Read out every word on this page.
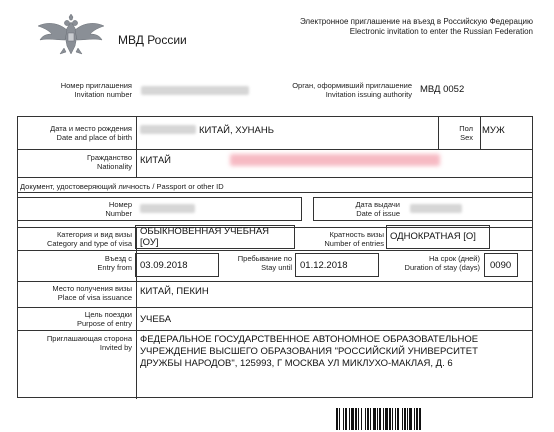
МВД России
Электронное приглашение на въезд в Российскую Федерацию
Electronic invitation to enter the Russian Federation
Номер приглашения
Invitation number
Орган, оформивший приглашение
Invitation issuing authority МВД 0052
Дата и место рождения
Date and place of birth
КИТАЙ, ХУНАНЬ	Пол
Sex
МУЖ
Гражданство
Nationality
КИТАЙ
Документ, удостоверяющий личность / Passport or other ID
Номер
Number
Дата выдачи
Date of issue
Категория и вид визы
Category and type of visa
ОБЫКНОВЕННАЯ УЧЕБНАЯ
[ОУ]
Кратность визы
Number of entries
ОДНОКРАТНАЯ [О]
Въезд с
Entry from 03.09.2018
Пребывание по
Stay until 01.12.2018
На срок (дней)
Duration of stay (days) 0090
Место получения визы
Place of visa issuance
КИТАЙ, ПЕКИН
Цель поездки
Purpose of entry УЧЕБА
Приглашающая сторона
Invited by
ФЕДЕРАЛЬНОЕ ГОСУДАРСТВЕННОЕ АВТОНОМНОЕ ОБРАЗОВАТЕЛЬНОЕ
УЧРЕЖДЕНИЕ ВЫСШЕГО ОБРАЗОВАНИЯ "РОССИЙСКИЙ УНИВЕРСИТЕТ
ДРУЖБЫ НАРОДОВ", 125993, Г МОСКВА УЛ МИКЛУХО-МАКЛАЯ, Д. 6
